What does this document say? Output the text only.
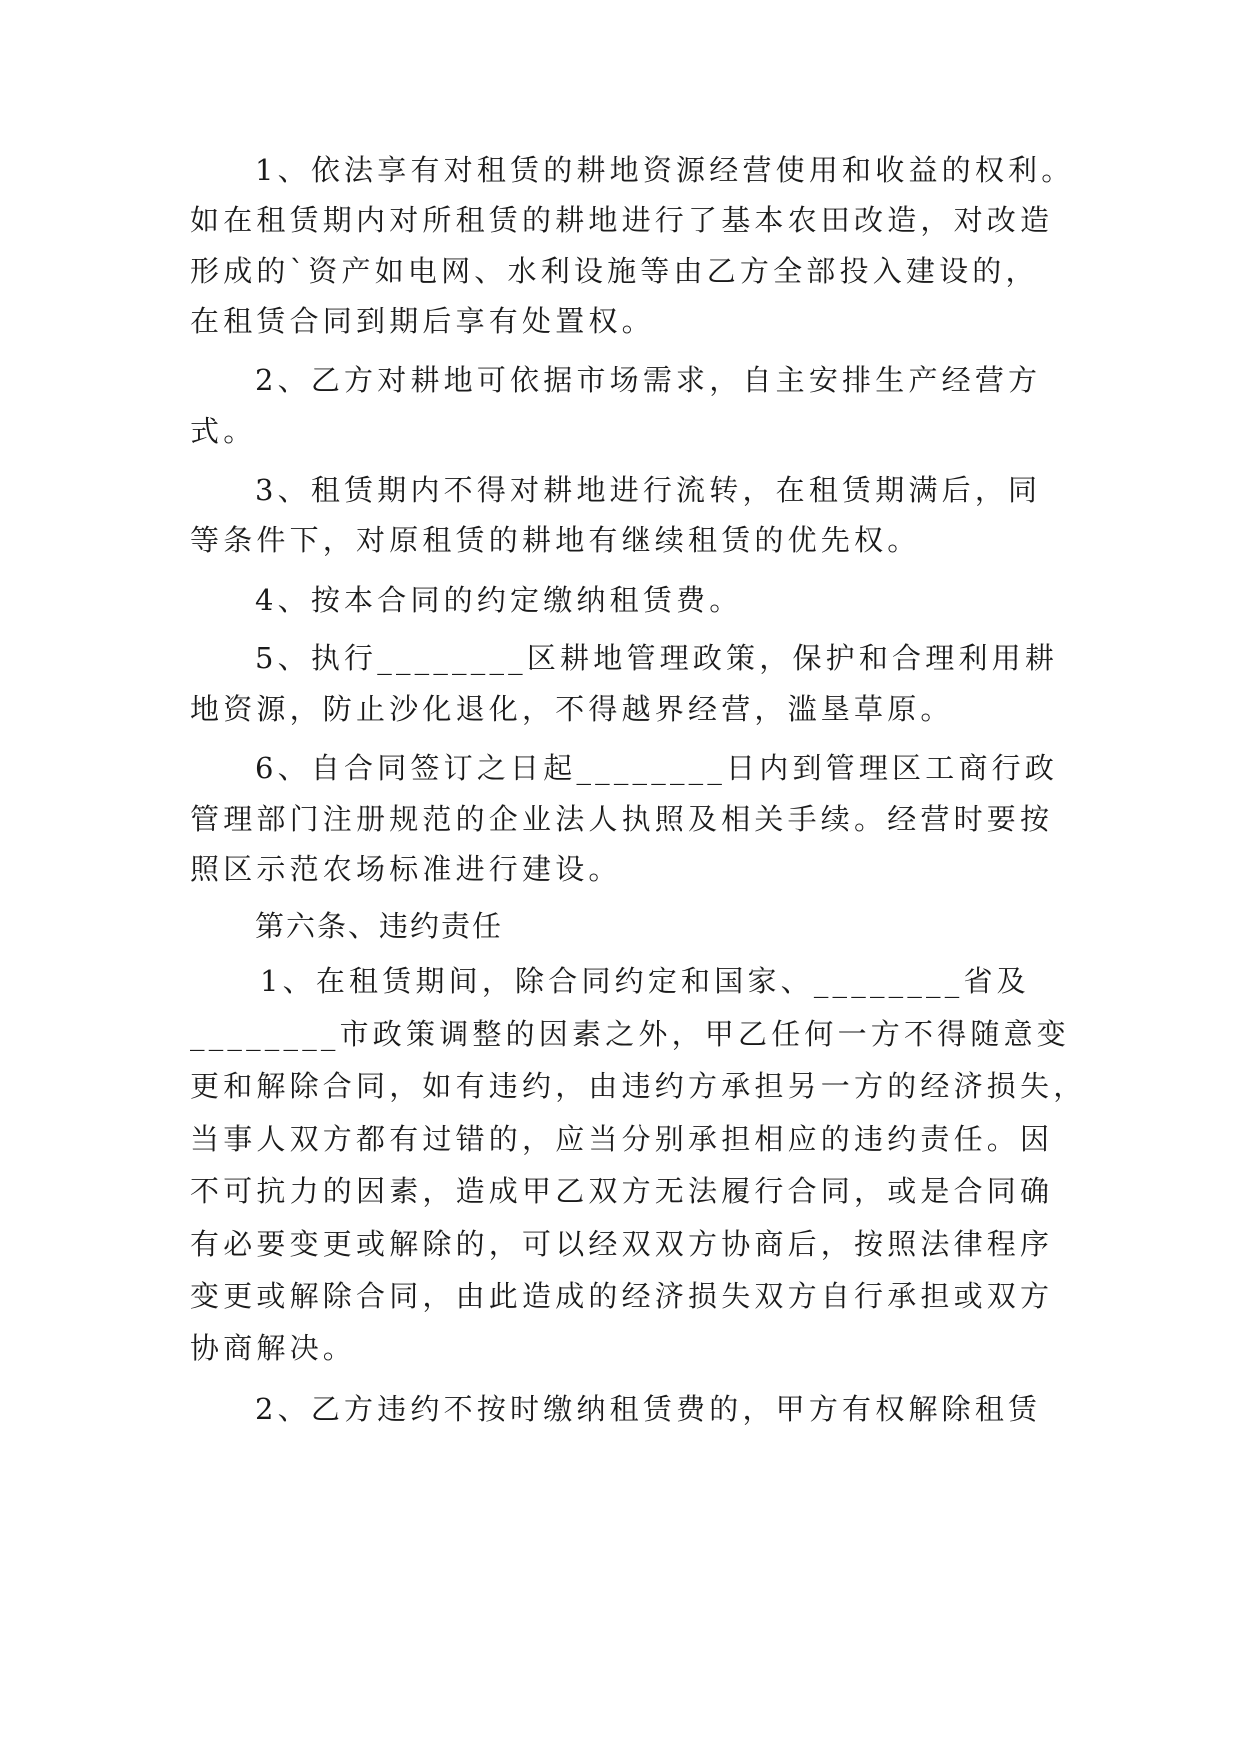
1、依法享有对租赁的耕地资源经营使用和收益的权利。
如在租赁期内对所租赁的耕地进行了基本农田改造，对改造
形成的`资产如电网、水利设施等由乙方全部投入建设的，
在租赁合同到期后享有处置权。
2、乙方对耕地可依据市场需求，自主安排生产经营方
式。
3、租赁期内不得对耕地进行流转，在租赁期满后，同
等条件下，对原租赁的耕地有继续租赁的优先权。
4、按本合同的约定缴纳租赁费。
5、执行________区耕地管理政策，保护和合理利用耕
地资源，防止沙化退化，不得越界经营，滥垦草原。
6、自合同签订之日起________日内到管理区工商行政
管理部门注册规范的企业法人执照及相关手续。经营时要按
照区示范农场标准进行建设。
第六条、违约责任
1、在租赁期间，除合同约定和国家、________省及
________市政策调整的因素之外，甲乙任何一方不得随意变
更和解除合同，如有违约，由违约方承担另一方的经济损失，
当事人双方都有过错的，应当分别承担相应的违约责任。因
不可抗力的因素，造成甲乙双方无法履行合同，或是合同确
有必要变更或解除的，可以经双双方协商后，按照法律程序
变更或解除合同，由此造成的经济损失双方自行承担或双方
协商解决。
2、乙方违约不按时缴纳租赁费的，甲方有权解除租赁
